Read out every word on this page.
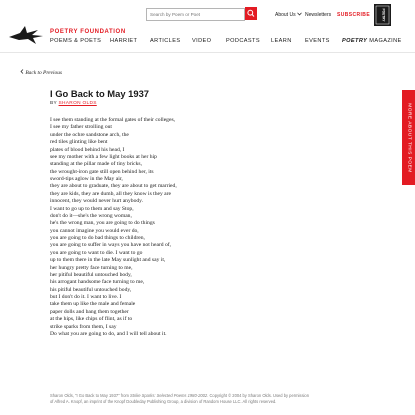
POETRY FOUNDATION
Search by Poem or Poet
About Us	Newsletters SUBSCRIBE	POETRY
POEMS & POETS HARRIET ARTICLES VIDEO	PODCASTS LEARN EVENTS POETRY MAGAZINE
Back to Previous
I Go Back to May 1937
BY SHARON OLDS
I see them standing at the formal gates of their colleges,
I see my father strolling out
under the ochre sandstone arch, the
red tiles glinting like bent
plates of blood behind his head, I
see my mother with a few light books at her hip
standing at the pillar made of tiny bricks,
the wrought-iron gate still open behind her, its
sword-tips aglow in the May air,
they are about to graduate, they are about to get married,
they are kids, they are dumb, all they know is they are
innocent, they would never hurt anybody.
I want to go up to them and say Stop,
don't do it—she's the wrong woman,
he's the wrong man, you are going to do things
you cannot imagine you would ever do,
you are going to do bad things to children,
you are going to suffer in ways you have not heard of,
you are going to want to die. I want to go
up to them there in the late May sunlight and say it,
her hungry pretty face turning to me,
her pitiful beautiful untouched body,
his arrogant handsome face turning to me,
his pitiful beautiful untouched body,
but I don't do it. I want to live. I
take them up like the male and female
paper dolls and bang them together
at the hips, like chips of flint, as if to
strike sparks from them, I say
Do what you are going to do, and I will tell about it.
MORE ABOUT THIS POEM
Sharon Olds, "I Go Back to May 1937" from Strike Sparks: Selected Poems 1980-2002. Copyright © 2004 by Sharon Olds. Used by permission of Alfred A. Knopf, an imprint of the Knopf Doubleday Publishing Group, a division of Random House LLC. All rights reserved.
